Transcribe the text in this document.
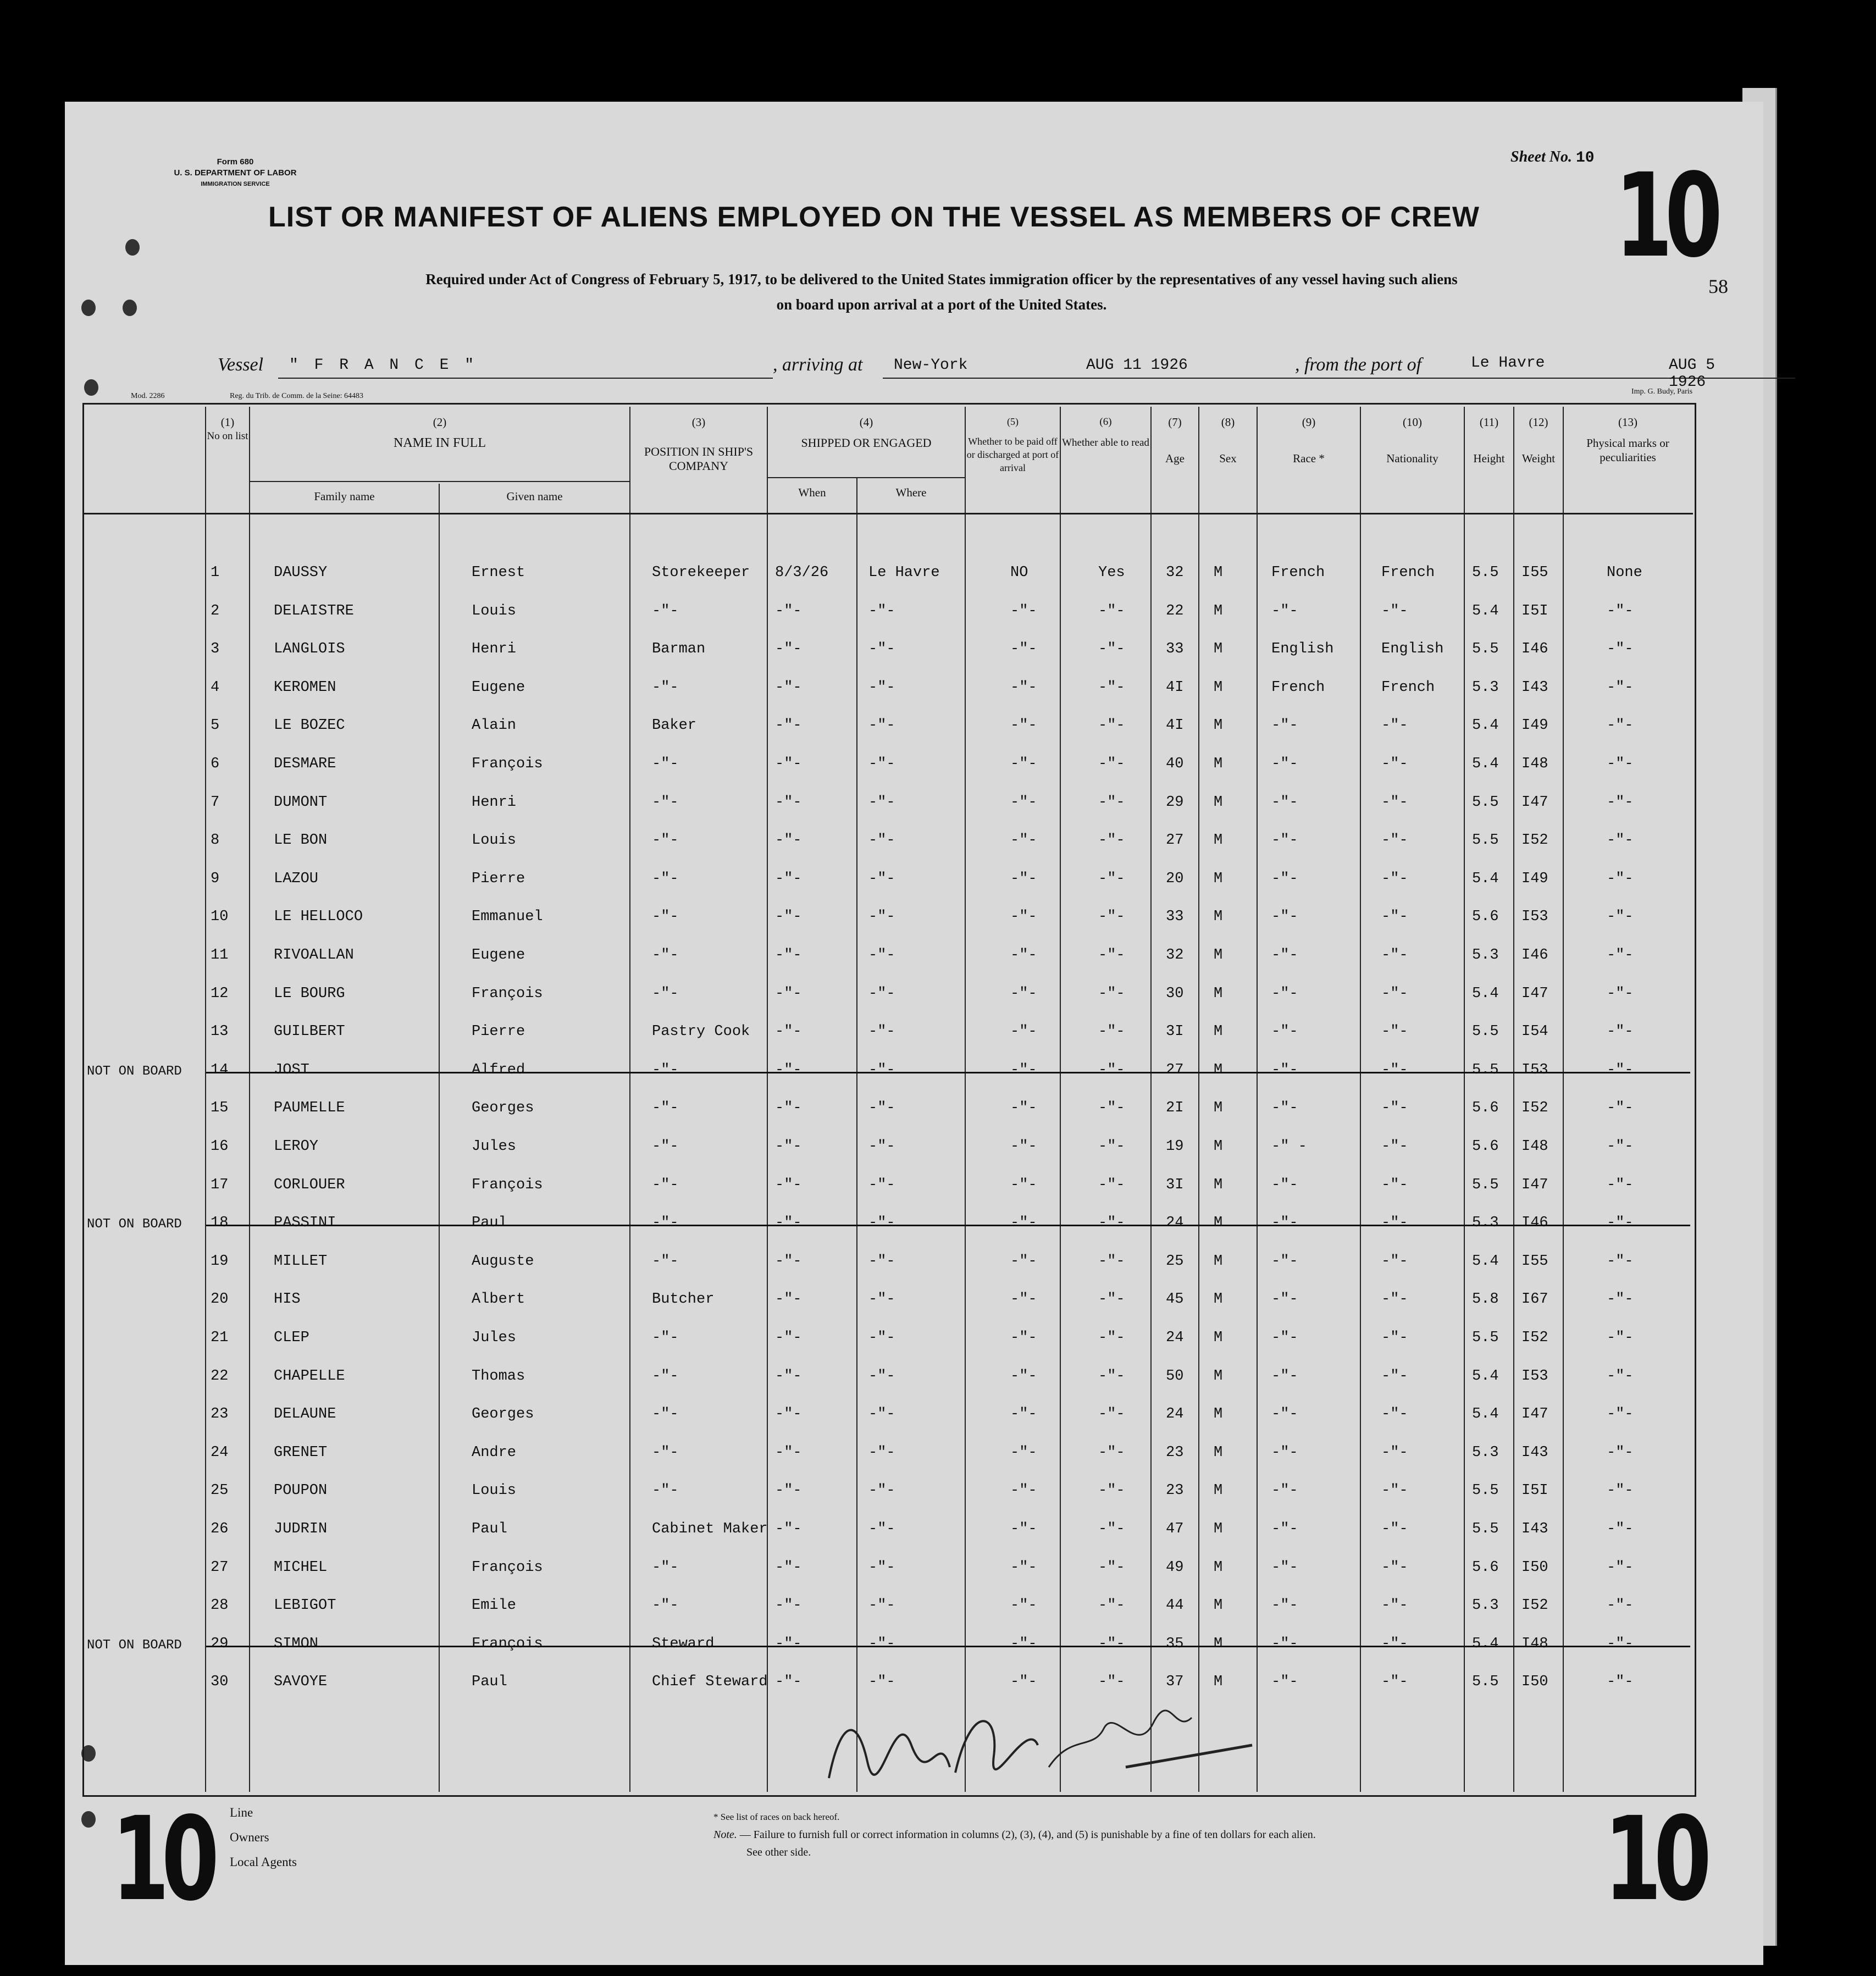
Form 680
U. S. DEPARTMENT OF LABOR
IMMIGRATION SERVICE
Sheet No. 10 10
58
LIST OR MANIFEST OF ALIENS EMPLOYED ON THE VESSEL AS MEMBERS OF CREW
Required under Act of Congress of February 5, 1917, to be delivered to the United States immigration officer by the representatives of any vessel having such aliens
on board upon arrival at a port of the United States.
Vessel " F R A N C E "	, arriving at New-York	AUG 11 1926	, from the port of	Le Havre	AUG 5 1926
Mod. 2286	Reg. du Trib. de Comm. de la Seine: 64483
Imp. G. Budy, Paris
(1)
No on list
(2)
NAME IN FULL
Family name	Given name
(3)
POSITION IN SHIP'S COMPANY
(4)
SHIPPED OR ENGAGED
When	Where
(5)
Whether to be paid off or discharged at port of arrival
(6)
Whether able to read
(7)
Age
(8)
Sex
(9)
Race *
(10)
Nationality
(11)
Height
(12)
Weight
(13)
Physical marks or peculiarities
1	DAUSSY	Ernest	Storekeeper 8/3/26	Le Havre	NO	Yes	32 M	French	French	5.5 I55	None
2	DELAISTRE	Louis	-"-	-"-	-"-	-"-	-"-	22 M	-"-	-"-	5.4 I5I	-"-
3	LANGLOIS	Henri	Barman	-"-	-"-	-"-	-"-	33 M	English	English 5.5 I46	-"-
4	KEROMEN	Eugene	-"-	-"-	-"-	-"-	-"-	4I M	French	French	5.3 I43	-"-
5	LE BOZEC	Alain	Baker	-"-	-"-	-"-	-"-	4I M	-"-	-"-	5.4 I49	-"-
6	DESMARE	François	-"-	-"-	-"-	-"-	-"-	40 M	-"-	-"-	5.4 I48	-"-
7	DUMONT	Henri	-"-	-"-	-"-	-"-	-"-	29 M	-"-	-"-	5.5 I47	-"-
8	LE BON	Louis	-"-	-"-	-"-	-"-	-"-	27 M	-"-	-"-	5.5 I52	-"-
9	LAZOU	Pierre	-"-	-"-	-"-	-"-	-"-	20 M	-"-	-"-	5.4 I49	-"-
10	LE HELLOCO	Emmanuel	-"-	-"-	-"-	-"-	-"-	33 M	-"-	-"-	5.6 I53	-"-
11	RIVOALLAN	Eugene	-"-	-"-	-"-	-"-	-"-	32 M	-"-	-"-	5.3 I46	-"-
12	LE BOURG	François	-"-	-"-	-"-	-"-	-"-	30 M	-"-	-"-	5.4 I47	-"-
13	GUILBERT	Pierre	Pastry Cook -"-	-"-	-"-	-"-	3I M	-"-	-"-	5.5 I54	-"-
NOT ON BOARD 14	JOST	Alfred	-"-	-"-	-"-	-"-	-"-	27 M	-"-	-"-	5.5 I53	-"-
15	PAUMELLE	Georges	-"-	-"-	-"-	-"-	-"-	2I M	-"-	-"-	5.6 I52	-"-
16	LEROY	Jules	-"-	-"-	-"-	-"-	-"-	19 M	-" -	-"-	5.6 I48	-"-
17	CORLOUER	François	-"-	-"-	-"-	-"-	-"-	3I M	-"-	-"-	5.5 I47	-"-
NOT ON BOARD 18	PASSINI	Paul	-"-	-"-	-"-	-"-	-"-	24 M	-"-	-"-	5.3 I46	-"-
19	MILLET	Auguste	-"-	-"-	-"-	-"-	-"-	25 M	-"-	-"-	5.4 I55	-"-
20	HIS	Albert	Butcher	-"-	-"-	-"-	-"-	45 M	-"-	-"-	5.8 I67	-"-
21	CLEP	Jules	-"-	-"-	-"-	-"-	-"-	24 M	-"-	-"-	5.5 I52	-"-
22	CHAPELLE	Thomas	-"-	-"-	-"-	-"-	-"-	50 M	-"-	-"-	5.4 I53	-"-
23	DELAUNE	Georges	-"-	-"-	-"-	-"-	-"-	24 M	-"-	-"-	5.4 I47	-"-
24	GRENET	Andre	-"-	-"-	-"-	-"-	-"-	23 M	-"-	-"-	5.3 I43	-"-
25	POUPON	Louis	-"-	-"-	-"-	-"-	-"-	23 M	-"-	-"-	5.5 I5I	-"-
26	JUDRIN	Paul	Cabinet Maker -"-	-"-	-"-	-"-	47 M	-"-	-"-	5.5 I43	-"-
27	MICHEL	François	-"-	-"-	-"-	-"-	-"-	49 M	-"-	-"-	5.6 I50	-"-
28	LEBIGOT	Emile	-"-	-"-	-"-	-"-	-"-	44 M	-"-	-"-	5.3 I52	-"-
NOT ON BOARD 29	SIMON	François	Steward	-"-	-"-	-"-	-"-	35 M	-"-	-"-	5.4 I48	-"-
30	SAVOYE	Paul	Chief Steward -"-	-"-	-"-	-"-	37 M	-"-	-"-	5.5 I50	-"-
10	10
Line
Owners
Local Agents
* See list of races on back hereof.
Note. — Failure to furnish full or correct information in columns (2), (3), (4), and (5) is punishable by a fine of ten dollars for each alien.
See other side.
